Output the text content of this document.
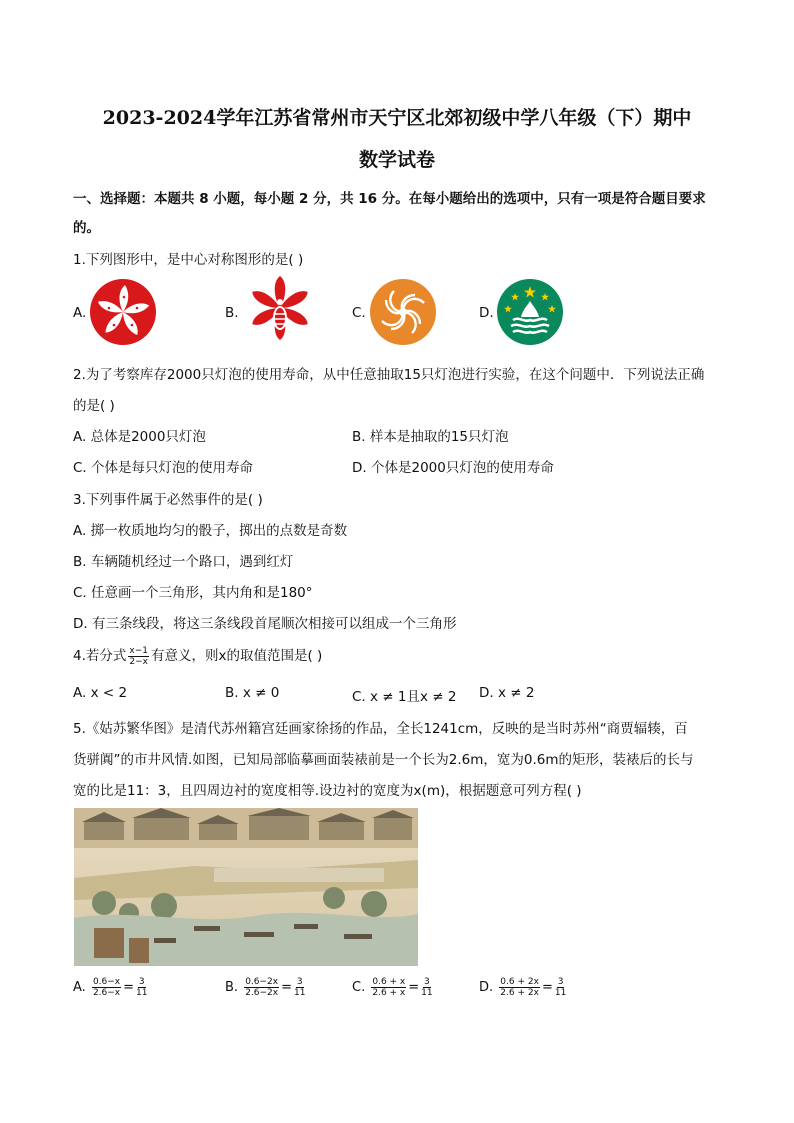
2023-2024学年江苏省常州市天宁区北郊初级中学八年级（下）期中
数学试卷
一、选择题：本题共 8 小题，每小题 2 分，共 16 分。在每小题给出的选项中，只有一项是符合题目要求
的。
1.下列图形中，是中心对称图形的是( )
A.	B.	C.	D.
2.为了考察库存2000只灯泡的使用寿命，从中任意抽取15只灯泡进行实验，在这个问题中．下列说法正确
的是( )
A. 总体是2000只灯泡	B. 样本是抽取的15只灯泡
C. 个体是每只灯泡的使用寿命	D. 个体是2000只灯泡的使用寿命
3.下列事件属于必然事件的是( )
A. 掷一枚质地均匀的骰子，掷出的点数是奇数
B. 车辆随机经过一个路口，遇到红灯
C. 任意画一个三角形，其内角和是180°
D. 有三条线段，将这三条线段首尾顺次相接可以组成一个三角形
4.若分式 $\frac{x-1}{2-x}$ 有意义，则x的取值范围是( )
A. x < 2	B. x ≠ 0	C. x ≠ 1且x ≠ 2 D. x ≠ 2
5.《姑苏繁华图》是清代苏州籍宫廷画家徐扬的作品，全长1241cm，反映的是当时苏州“商贾辐辏，百
货骈阗”的市井风情.如图，已知局部临摹画面装裱前是一个长为2.6m，宽为0.6m的矩形，装裱后的长与
宽的比是11：3，且四周边衬的宽度相等.设边衬的宽度为x(m)，根据题意可列方程( )
A. $\frac{0.6-x}{2.6-x} = \frac{3}{11}$	B. $\frac{0.6-2x}{2.6-2x} = \frac{3}{11}$	C. $\frac{0.6 + x}{2.6 + x} = \frac{3}{11}$	D. $\frac{0.6 + 2x}{2.6 + 2x} = \frac{3}{11}$
